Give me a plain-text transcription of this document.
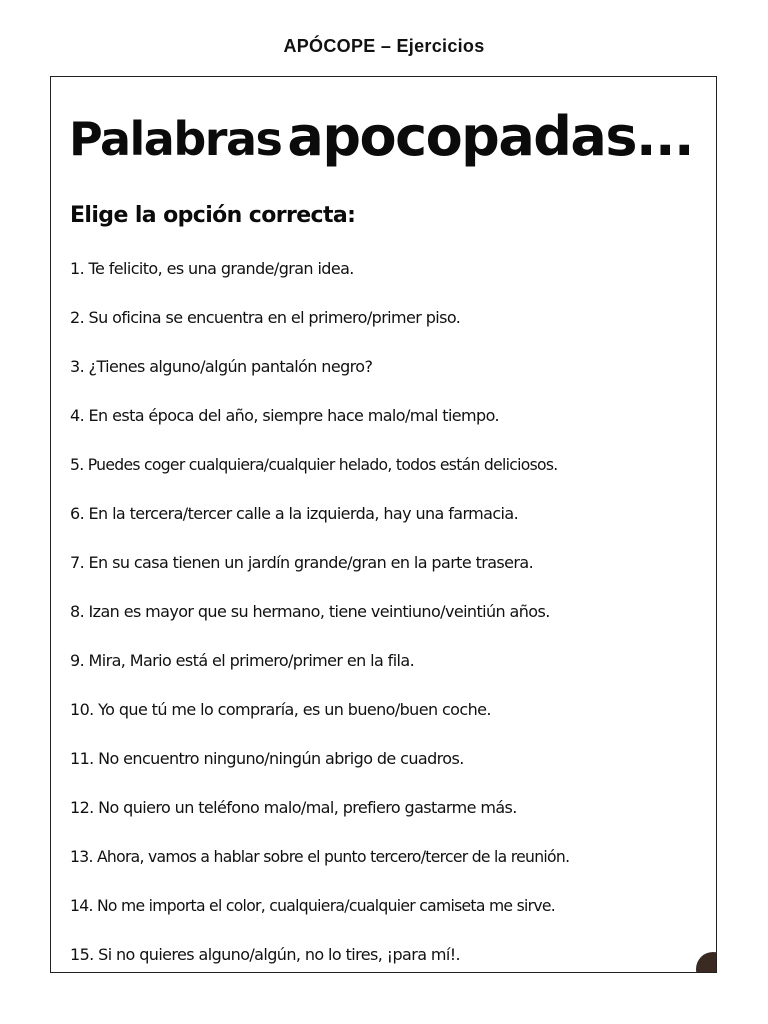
APÓCOPE – Ejercicios
Palabras apocopadas...
Elige la opción correcta:
1. Te felicito, es una grande/gran idea.
2. Su oficina se encuentra en el primero/primer piso.
3. ¿Tienes alguno/algún pantalón negro?
4. En esta época del año, siempre hace malo/mal tiempo.
5. Puedes coger cualquiera/cualquier helado, todos están deliciosos.
6. En la tercera/tercer calle a la izquierda, hay una farmacia.
7. En su casa tienen un jardín grande/gran en la parte trasera.
8. Izan es mayor que su hermano, tiene veintiuno/veintiún años.
9. Mira, Mario está el primero/primer en la fila.
10. Yo que tú me lo compraría, es un bueno/buen coche.
11. No encuentro ninguno/ningún abrigo de cuadros.
12. No quiero un teléfono malo/mal, prefiero gastarme más.
13. Ahora, vamos a hablar sobre el punto tercero/tercer de la reunión.
14. No me importa el color, cualquiera/cualquier camiseta me sirve.
15. Si no quieres alguno/algún, no lo tires, ¡para mí!.
